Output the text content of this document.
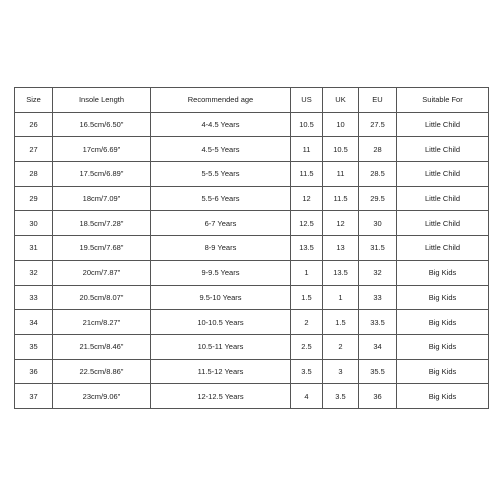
Size	Insole Length	Recommended age	US	UK	EU	Suitable For
26	16.5cm/6.50"	4-4.5 Years	10.5	10	27.5	Little Child
27	17cm/6.69"	4.5-5 Years	11	10.5	28	Little Child
28	17.5cm/6.89"	5-5.5 Years	11.5	11	28.5	Little Child
29	18cm/7.09"	5.5-6 Years	12	11.5	29.5	Little Child
30	18.5cm/7.28"	6-7 Years	12.5	12	30	Little Child
31	19.5cm/7.68"	8-9 Years	13.5	13	31.5	Little Child
32	20cm/7.87"	9-9.5 Years	1	13.5	32	Big Kids
33	20.5cm/8.07"	9.5-10 Years	1.5	1	33	Big Kids
34	21cm/8.27"	10-10.5 Years	2	1.5	33.5	Big Kids
35	21.5cm/8.46"	10.5-11 Years	2.5	2	34	Big Kids
36	22.5cm/8.86"	11.5-12 Years	3.5	3	35.5	Big Kids
37	23cm/9.06"	12-12.5 Years	4	3.5	36	Big Kids
